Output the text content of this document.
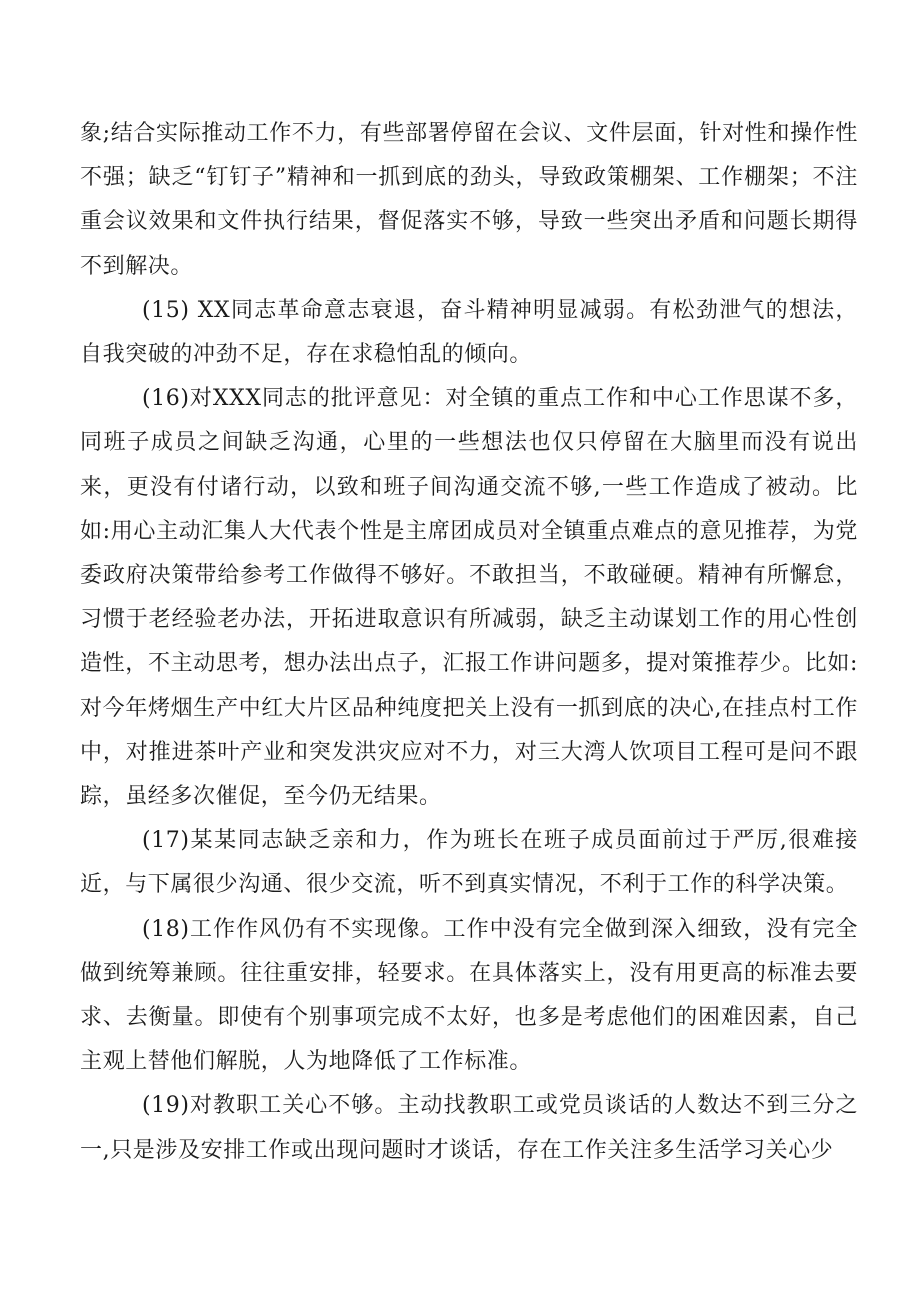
象;结合实际推动工作不力，有些部署停留在会议、文件层面，针对性和操作性不强；缺乏“钉钉子”精神和一抓到底的劲头，导致政策棚架、工作棚架；不注重会议效果和文件执行结果，督促落实不够，导致一些突出矛盾和问题长期得不到解决。

(15) XX同志革命意志衰退，奋斗精神明显减弱。有松劲泄气的想法，自我突破的冲劲不足，存在求稳怕乱的倾向。

(16)对XXX同志的批评意见：对全镇的重点工作和中心工作思谋不多，同班子成员之间缺乏沟通，心里的一些想法也仅只停留在大脑里而没有说出来，更没有付诸行动，以致和班子间沟通交流不够,一些工作造成了被动。比如:用心主动汇集人大代表个性是主席团成员对全镇重点难点的意见推荐，为党委政府决策带给参考工作做得不够好。不敢担当，不敢碰硬。精神有所懈怠，习惯于老经验老办法，开拓进取意识有所减弱，缺乏主动谋划工作的用心性创造性，不主动思考，想办法出点子，汇报工作讲问题多，提对策推荐少。比如:对今年烤烟生产中红大片区品种纯度把关上没有一抓到底的决心,在挂点村工作中，对推进茶叶产业和突发洪灾应对不力，对三大湾人饮项目工程可是问不跟踪，虽经多次催促，至今仍无结果。

(17)某某同志缺乏亲和力，作为班长在班子成员面前过于严厉,很难接近，与下属很少沟通、很少交流，听不到真实情况，不利于工作的科学决策。

(18)工作作风仍有不实现像。工作中没有完全做到深入细致，没有完全做到统筹兼顾。往往重安排，轻要求。在具体落实上，没有用更高的标准去要求、去衡量。即使有个别事项完成不太好，也多是考虑他们的困难因素，自己主观上替他们解脱，人为地降低了工作标准。

(19)对教职工关心不够。主动找教职工或党员谈话的人数达不到三分之一,只是涉及安排工作或出现问题时才谈话，存在工作关注多生活学习关心少
